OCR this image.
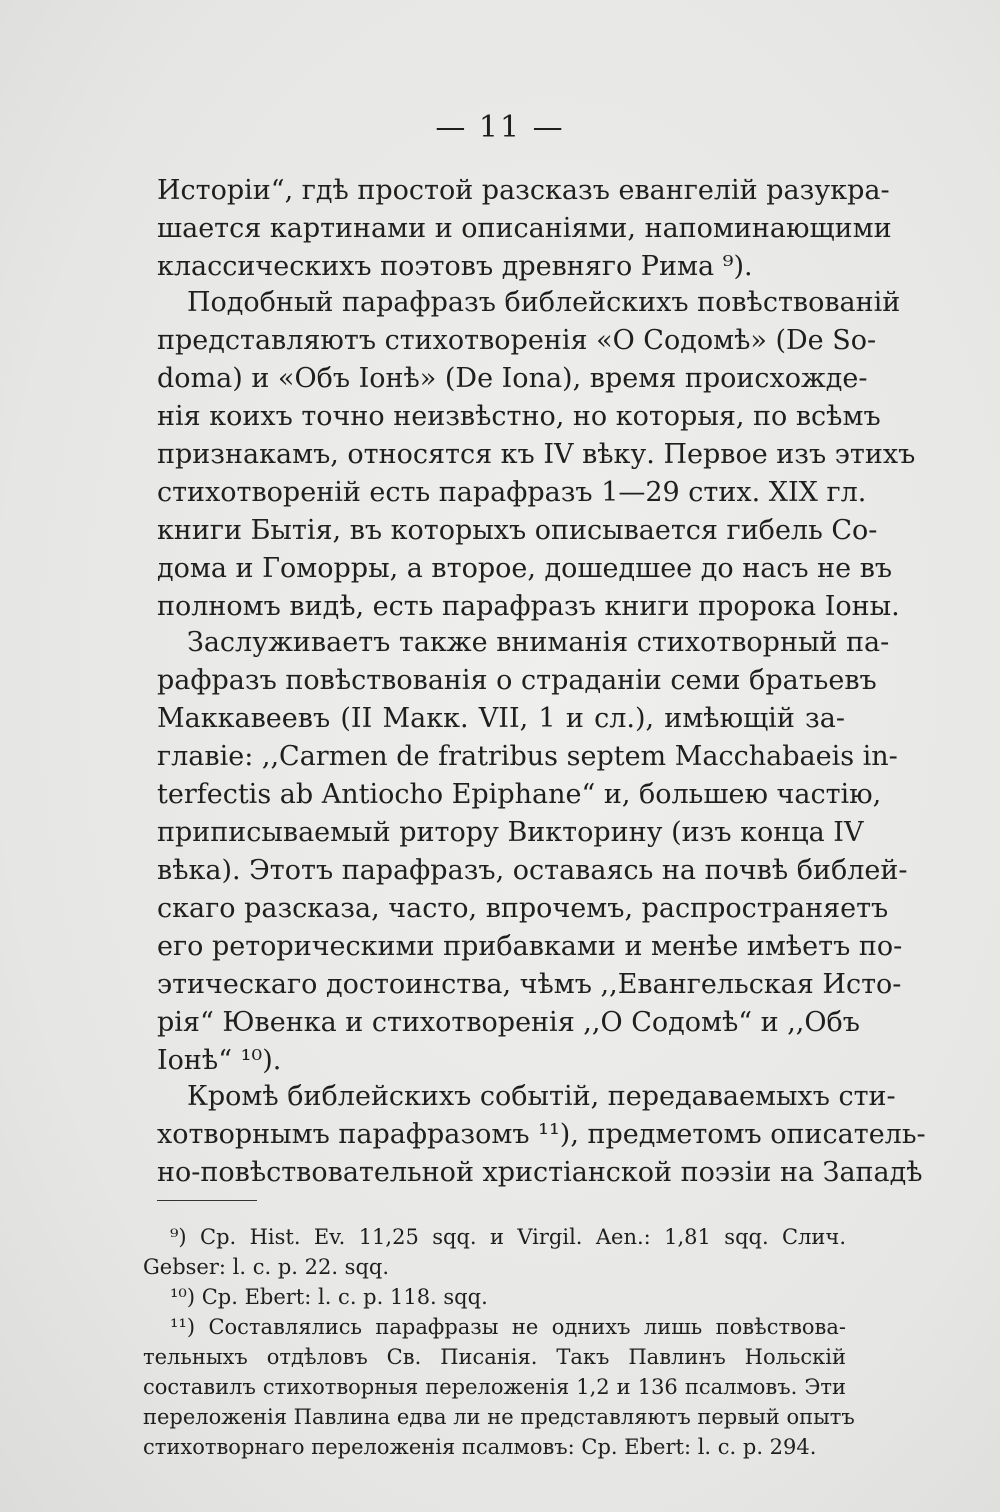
— 11 —

Исторіи“, гдѣ простой разсказъ евангелій разукра-

шается картинами и описаніями, напоминающими

классическихъ поэтовъ древняго Рима ⁹).

Подобный парафразъ библейскихъ повѣствованій

представляютъ стихотворенія «О Содомѣ» (De So-

doma) и «Объ Іонѣ» (De Iona), время происхожде-

нія коихъ точно неизвѣстно, но которыя, по всѣмъ

признакамъ, относятся къ IV вѣку. Первое изъ этихъ

стихотвореній есть парафразъ 1—29 стих. XIX гл.

книги Бытія, въ которыхъ описывается гибель Со-

дома и Гоморры, а второе, дошедшее до насъ не въ

полномъ видѣ, есть парафразъ книги пророка Іоны.

Заслуживаетъ также вниманія стихотворный па-

рафразъ повѣствованія о страданіи семи братьевъ

Маккавеевъ (II Макк. VII, 1 и сл.), имѣющій за-

главіе: ,,Carmen de fratribus septem Macchabaeis in-

terfectis ab Antiocho Epiphane“ и, большею частію,

приписываемый ритору Викторину (изъ конца IV

вѣка). Этотъ парафразъ, оставаясь на почвѣ библей-

скаго разсказа, часто, впрочемъ, распространяетъ

его реторическими прибавками и менѣе имѣетъ по-

этическаго достоинства, чѣмъ ,,Евангельская Исто-

рія“ Ювенка и стихотворенія ,,О Содомѣ“ и ,,Объ

Іонѣ“ ¹⁰).

Кромѣ библейскихъ событій, передаваемыхъ сти-

хотворнымъ парафразомъ ¹¹), предметомъ описатель-

но-повѣствовательной христіанской поэзіи на Западѣ

⁹) Cp. Hist. Ev. 11,25 sqq. и Virgil. Aen.: 1,81 sqq. Слич.

Gebser: l. c. p. 22. sqq.

¹⁰) Cp. Ebert: l. c. p. 118. sqq.

¹¹) Составлялись парафразы не однихъ лишь повѣствова-

тельныхъ отдѣловъ Св. Писанія. Такъ Павлинъ Нольскій

составилъ стихотворныя переложенія 1,2 и 136 псалмовъ. Эти

переложенія Павлина едва ли не представляютъ первый опытъ

стихотворнаго переложенія псалмовъ: Ср. Ebert: l. c. p. 294.
